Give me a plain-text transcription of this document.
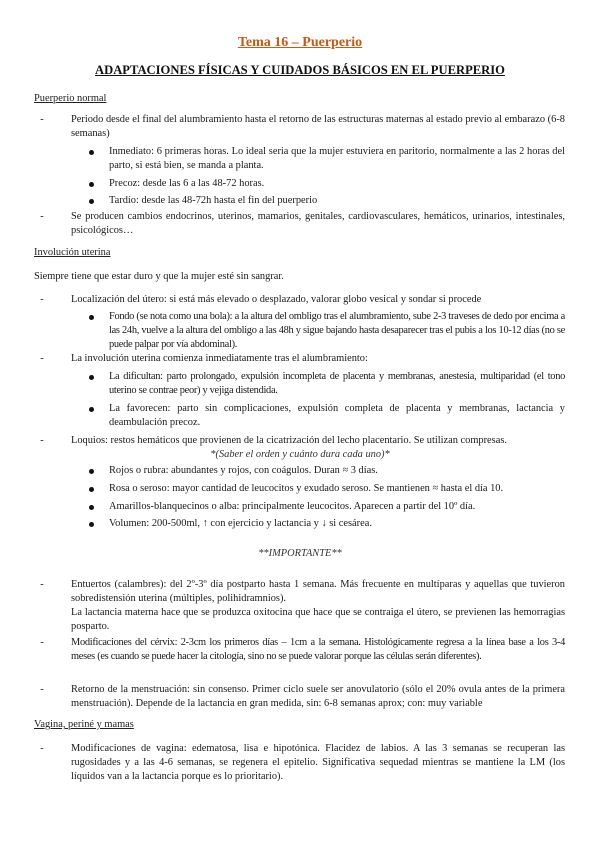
Tema 16 – Puerperio
ADAPTACIONES FÍSICAS Y CUIDADOS BÁSICOS EN EL PUERPERIO
Puerperio normal
-	Periodo desde el final del alumbramiento hasta el retorno de las estructuras maternas al estado previo al embarazo (6-8 semanas)
Inmediato: 6 primeras horas. Lo ideal seria que la mujer estuviera en paritorio, normalmente a las 2 horas del parto, si está bien, se manda a planta.
Precoz: desde las 6 a las 48-72 horas.
Tardío: desde las 48-72h hasta el fin del puerperio
-	Se producen cambios endocrinos, uterinos, mamarios, genitales, cardiovasculares, hemáticos, urinarios, intestinales, psicológicos…
Involución uterina
Siempre tiene que estar duro y que la mujer esté sin sangrar.
-	Localización del útero: si está más elevado o desplazado, valorar globo vesical y sondar si procede
Fondo (se nota como una bola): a la altura del ombligo tras el alumbramiento, sube 2-3 traveses de dedo por encima a las 24h, vuelve a la altura del ombligo a las 48h y sigue bajando hasta desaparecer tras el pubis a los 10-12 días (no se puede palpar por vía abdominal).
-	La involución uterina comienza inmediatamente tras el alumbramiento:
La dificultan: parto prolongado, expulsión incompleta de placenta y membranas, anestesia, multiparidad (el tono uterino se contrae peor) y vejiga distendida.
La favorecen: parto sin complicaciones, expulsión completa de placenta y membranas, lactancia y deambulación precoz.
-	Loquios: restos hemáticos que provienen de la cicatrización del lecho placentario. Se utilizan compresas.
*(Saber el orden y cuánto dura cada uno)*
Rojos o rubra: abundantes y rojos, con coágulos. Duran ≈ 3 días.
Rosa o seroso: mayor cantidad de leucocitos y exudado seroso. Se mantienen ≈ hasta el día 10.
Amarillos-blanquecinos o alba: principalmente leucocitos. Aparecen a partir del 10º día.
Volumen: 200-500ml, ↑ con ejercicio y lactancia y ↓ si cesárea.
**IMPORTANTE**
-	Entuertos (calambres): del 2º-3º día postparto hasta 1 semana. Más frecuente en multíparas y aquellas que tuvieron sobredistensión uterina (múltiples, polihidramnios).
La lactancia materna hace que se produzca oxitocina que hace que se contraiga el útero, se previenen las hemorragias posparto.
-	Modificaciones del cérvix: 2-3cm los primeros días – 1cm a la semana. Histológicamente regresa a la línea base a los 3-4 meses (es cuando se puede hacer la citología, sino no se puede valorar porque las células serán diferentes).
-	Retorno de la menstruación: sin consenso. Primer ciclo suele ser anovulatorio (sólo el 20% ovula antes de la primera menstruación). Depende de la lactancia en gran medida, sin: 6-8 semanas aprox; con: muy variable
Vagina, periné y mamas
-	Modificaciones de vagina: edematosa, lisa e hipotónica. Flacidez de labios. A las 3 semanas se recuperan las rugosidades y a las 4-6 semanas, se regenera el epitelio. Significativa sequedad mientras se mantiene la LM (los líquidos van a la lactancia porque es lo prioritario).
